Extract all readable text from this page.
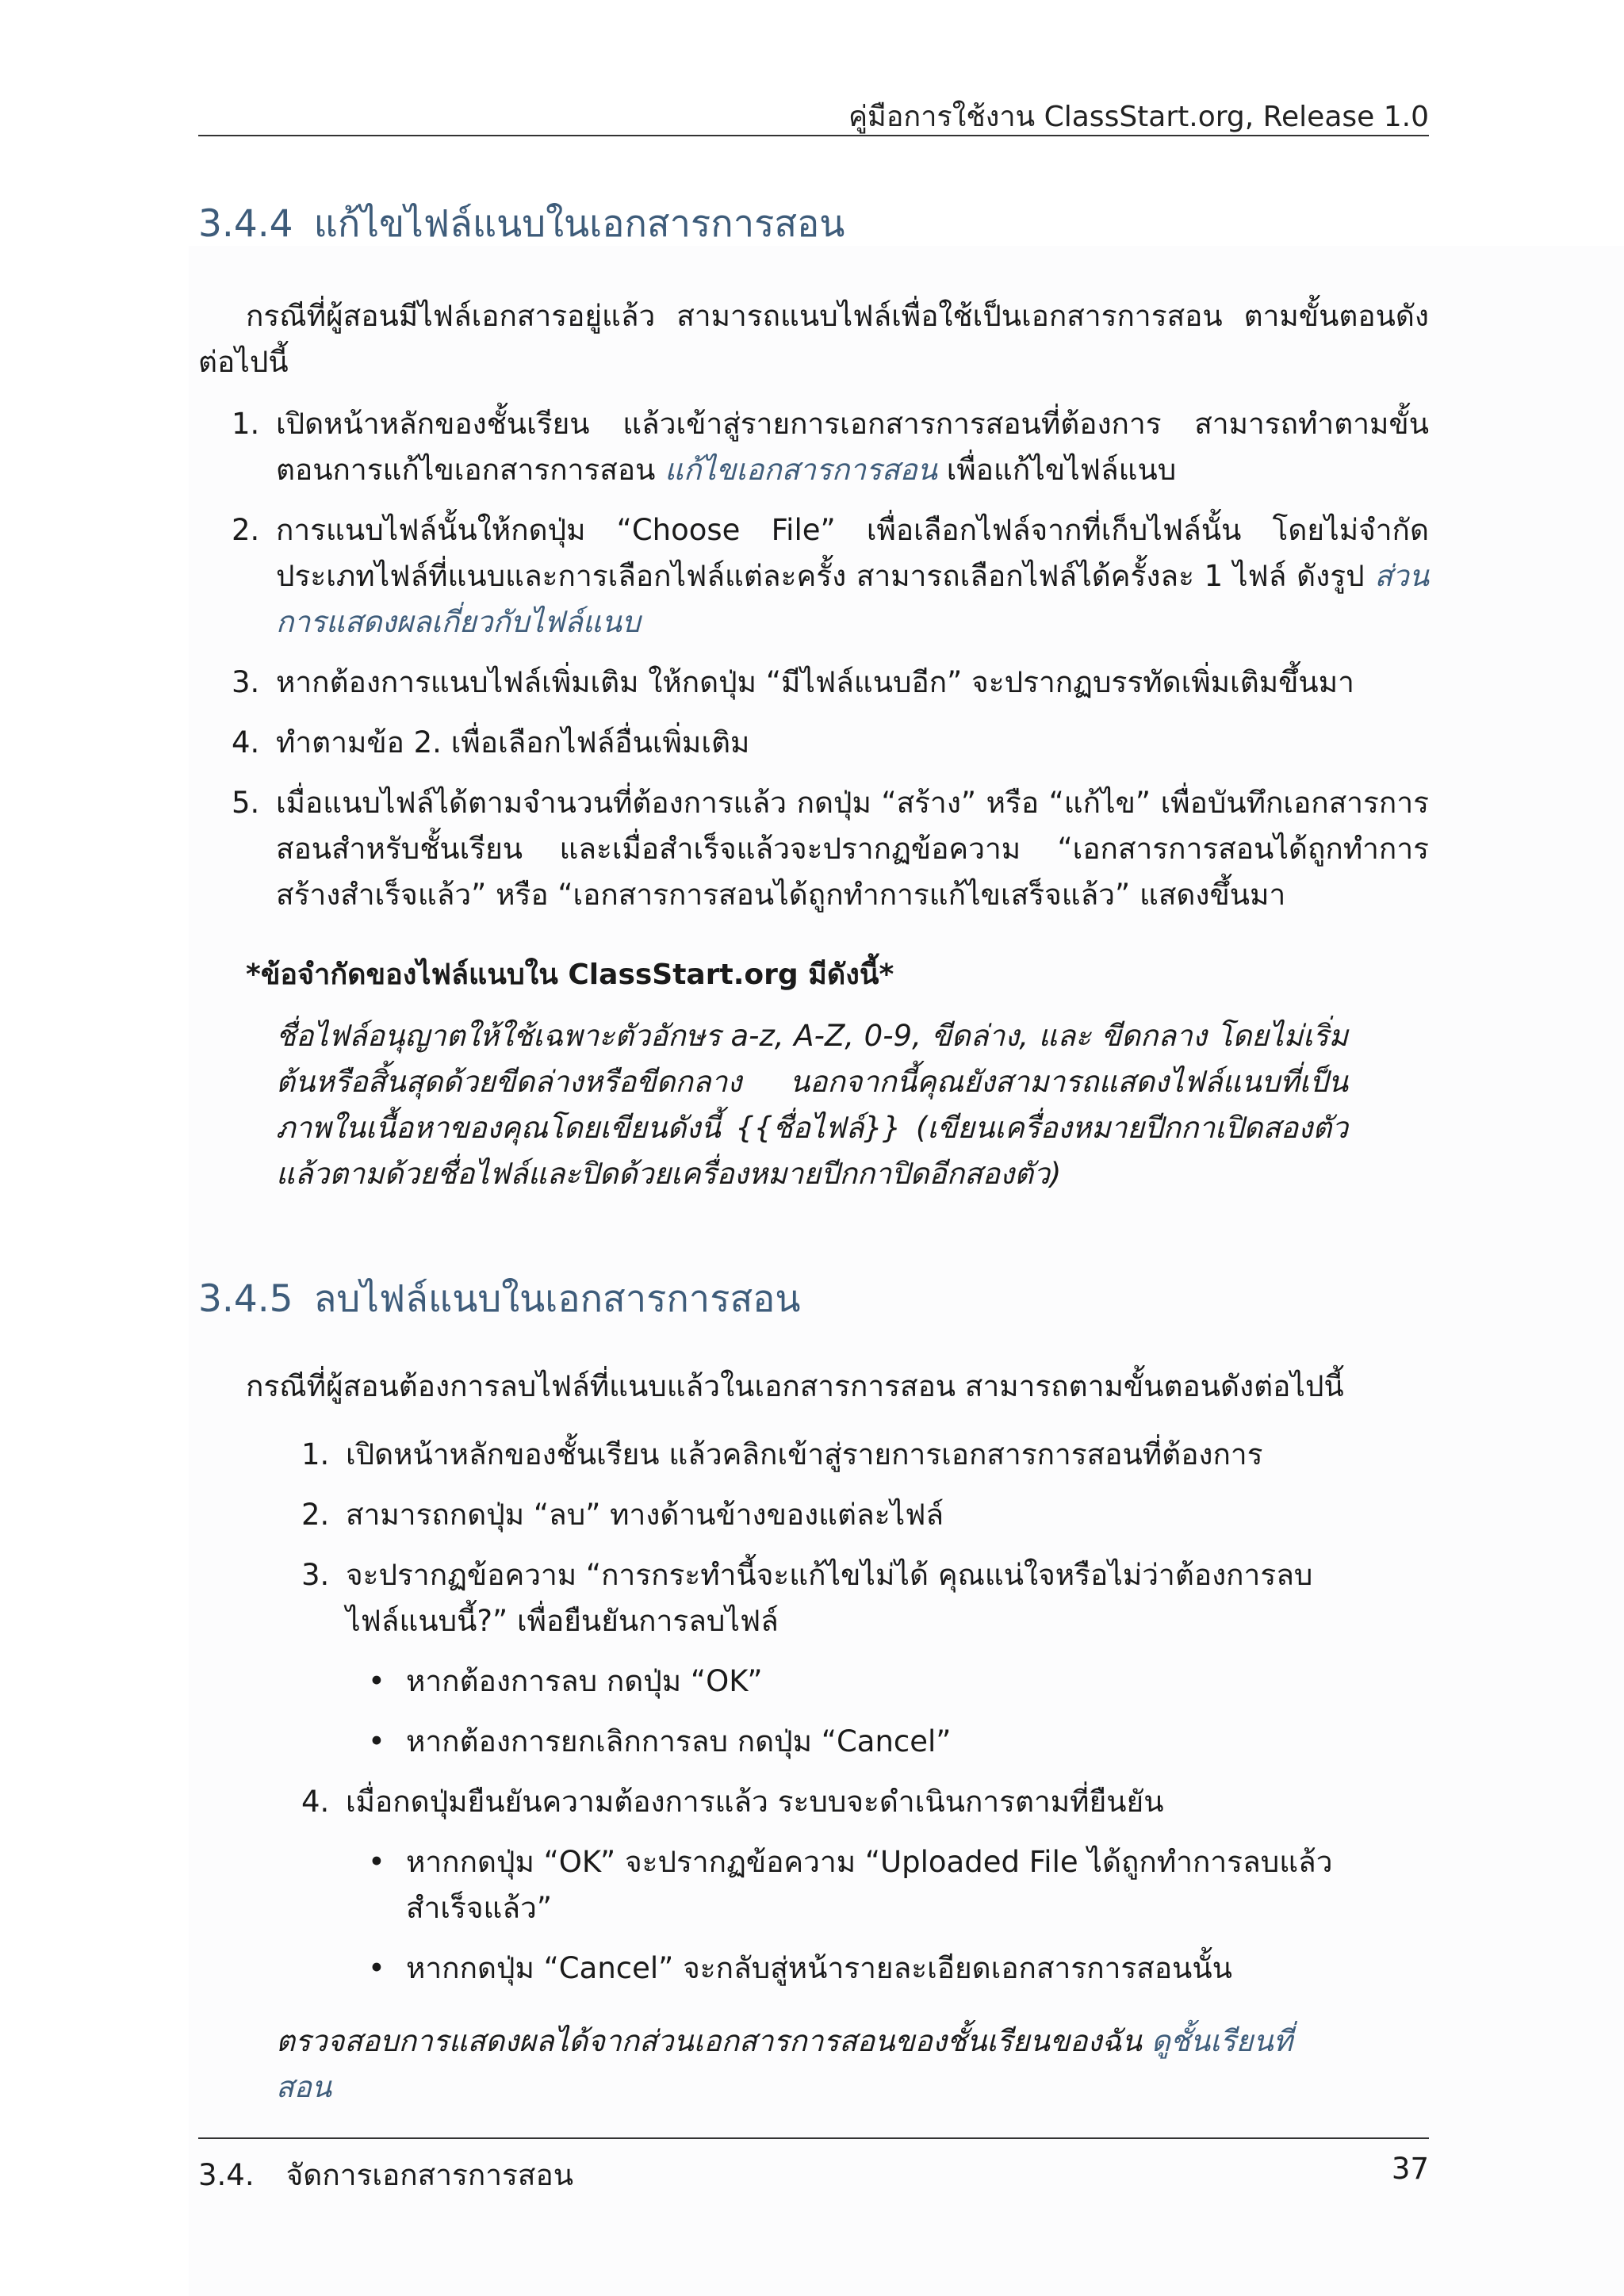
คู่มือการใช้งาน ClassStart.org, Release 1.0
3.4.4 แก้ไขไฟล์แนบในเอกสารการสอน
กรณีที่ผู้สอนมีไฟล์เอกสารอยู่แล้ว สามารถแนบไฟล์เพื่อใช้เป็นเอกสารการสอน ตามขั้นตอนดังต่อไปนี้
1. เปิดหน้าหลักของชั้นเรียน แล้วเข้าสู่รายการเอกสารการสอนที่ต้องการ สามารถทำตามขั้นตอนการแก้ไขเอกสารการสอน แก้ไขเอกสารการสอน เพื่อแก้ไขไฟล์แนบ
2. การแนบไฟล์นั้นให้กดปุ่ม “Choose File” เพื่อเลือกไฟล์จากที่เก็บไฟล์นั้น โดยไม่จำกัดประเภทไฟล์ที่แนบและการเลือกไฟล์แต่ละครั้ง สามารถเลือกไฟล์ได้ครั้งละ 1 ไฟล์ ดังรูป ส่วนการแสดงผลเกี่ยวกับไฟล์แนบ
3. หากต้องการแนบไฟล์เพิ่มเติม ให้กดปุ่ม “มีไฟล์แนบอีก” จะปรากฏบรรทัดเพิ่มเติมขึ้นมา
4. ทำตามข้อ 2. เพื่อเลือกไฟล์อื่นเพิ่มเติม
5. เมื่อแนบไฟล์ได้ตามจำนวนที่ต้องการแล้ว กดปุ่ม “สร้าง” หรือ “แก้ไข” เพื่อบันทึกเอกสารการสอนสำหรับชั้นเรียน และเมื่อสำเร็จแล้วจะปรากฏข้อความ “เอกสารการสอนได้ถูกทำการสร้างสำเร็จแล้ว” หรือ “เอกสารการสอนได้ถูกทำการแก้ไขเสร็จแล้ว” แสดงขึ้นมา
*ข้อจำกัดของไฟล์แนบใน ClassStart.org มีดังนี้*
ชื่อไฟล์อนุญาตให้ใช้เฉพาะตัวอักษร a-z, A-Z, 0-9, ขีดล่าง, และ ขีดกลาง โดยไม่เริ่มต้นหรือสิ้นสุดด้วยขีดล่างหรือขีดกลาง นอกจากนี้คุณยังสามารถแสดงไฟล์แนบที่เป็นภาพในเนื้อหาของคุณโดยเขียนดังนี้ {{ชื่อไฟล์}} (เขียนเครื่องหมายปีกกาเปิดสองตัวแล้วตามด้วยชื่อไฟล์และปิดด้วยเครื่องหมายปีกกาปิดอีกสองตัว)
3.4.5 ลบไฟล์แนบในเอกสารการสอน
กรณีที่ผู้สอนต้องการลบไฟล์ที่แนบแล้วในเอกสารการสอน สามารถตามขั้นตอนดังต่อไปนี้
1. เปิดหน้าหลักของชั้นเรียน แล้วคลิกเข้าสู่รายการเอกสารการสอนที่ต้องการ
2. สามารถกดปุ่ม “ลบ” ทางด้านข้างของแต่ละไฟล์
3. จะปรากฏข้อความ “การกระทำนี้จะแก้ไขไม่ได้ คุณแน่ใจหรือไม่ว่าต้องการลบไฟล์แนบนี้?” เพื่อยืนยันการลบไฟล์
• หากต้องการลบ กดปุ่ม “OK”
• หากต้องการยกเลิกการลบ กดปุ่ม “Cancel”
4. เมื่อกดปุ่มยืนยันความต้องการแล้ว ระบบจะดำเนินการตามที่ยืนยัน
• หากกดปุ่ม “OK” จะปรากฏข้อความ “Uploaded File ได้ถูกทำการลบแล้วสำเร็จแล้ว”
• หากกดปุ่ม “Cancel” จะกลับสู่หน้ารายละเอียดเอกสารการสอนนั้น
ตรวจสอบการแสดงผลได้จากส่วนเอกสารการสอนของชั้นเรียนของฉัน ดูชั้นเรียนที่สอน
3.4. จัดการเอกสารการสอน	37
